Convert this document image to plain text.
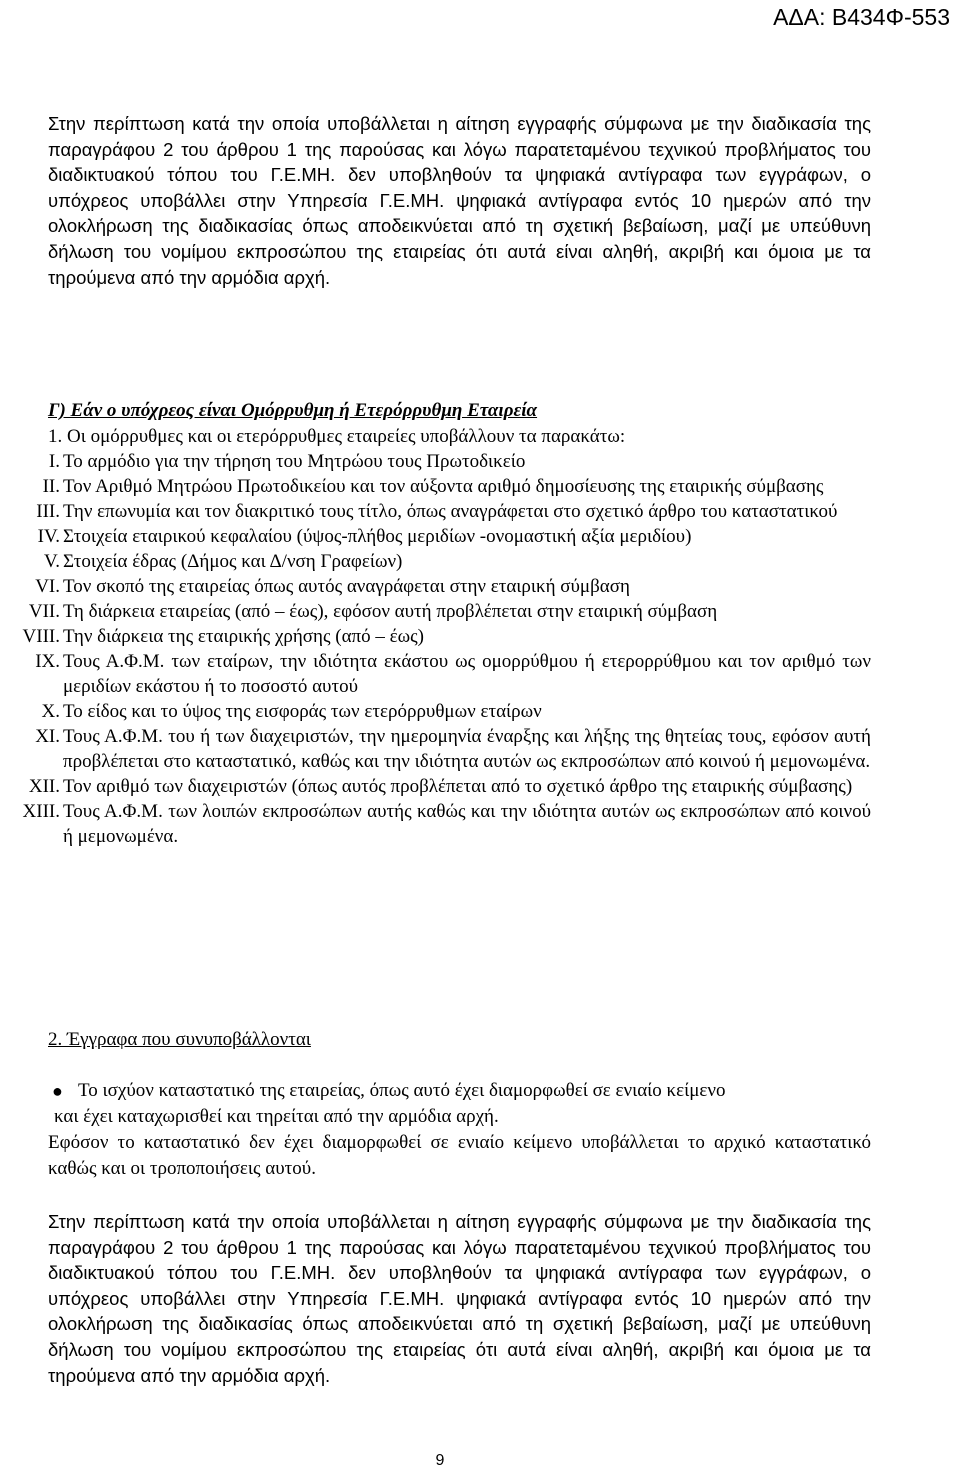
ΑΔΑ: Β434Φ-553

Στην περίπτωση κατά την οποία υποβάλλεται η αίτηση εγγραφής σύμφωνα με την διαδικασία της παραγράφου 2 του άρθρου 1 της παρούσας και λόγω παρατεταμένου τεχνικού προβλήματος του διαδικτυακού τόπου του Γ.Ε.ΜΗ. δεν υποβληθούν τα ψηφιακά αντίγραφα των εγγράφων, ο υπόχρεος υποβάλλει στην Υπηρεσία Γ.Ε.ΜΗ. ψηφιακά αντίγραφα εντός 10 ημερών από την ολοκλήρωση της διαδικασίας όπως αποδεικνύεται από τη σχετική βεβαίωση, μαζί με υπεύθυνη δήλωση του νομίμου εκπροσώπου της εταιρείας ότι αυτά είναι αληθή, ακριβή και όμοια με τα τηρούμενα από την αρμόδια αρχή.

Γ) Εάν ο υπόχρεος είναι Ομόρρυθμη ή Ετερόρρυθμη Εταιρεία

1. Οι ομόρρυθμες και οι ετερόρρυθμες εταιρείες υποβάλλουν τα παρακάτω:

I. Το αρμόδιο για την τήρηση του Μητρώου τους Πρωτοδικείο
II. Τον Αριθμό Μητρώου Πρωτοδικείου και τον αύξοντα αριθμό δημοσίευσης της εταιρικής σύμβασης
III. Την επωνυμία και τον διακριτικό τους τίτλο, όπως αναγράφεται στο σχετικό άρθρο του καταστατικού
IV. Στοιχεία εταιρικού κεφαλαίου (ύψος-πλήθος μεριδίων -ονομαστική αξία μεριδίου)
V. Στοιχεία έδρας (Δήμος και Δ/νση Γραφείων)
VI. Τον σκοπό της εταιρείας όπως αυτός αναγράφεται στην εταιρική σύμβαση
VII. Τη διάρκεια εταιρείας (από – έως), εφόσον αυτή προβλέπεται στην εταιρική σύμβαση
VIII. Την διάρκεια της εταιρικής χρήσης (από – έως)
IX. Τους Α.Φ.Μ. των εταίρων, την ιδιότητα εκάστου ως ομορρύθμου ή ετερορρύθμου και τον αριθμό των μεριδίων εκάστου ή το ποσοστό αυτού
X. Το είδος και το ύψος της εισφοράς των ετερόρρυθμων εταίρων
XI. Τους Α.Φ.Μ. του ή των διαχειριστών, την ημερομηνία έναρξης και λήξης της θητείας τους, εφόσον αυτή προβλέπεται στο καταστατικό, καθώς και την ιδιότητα αυτών ως εκπροσώπων από κοινού ή μεμονωμένα.
XII. Τον αριθμό των διαχειριστών (όπως αυτός προβλέπεται από το σχετικό άρθρο της εταιρικής σύμβασης)
XIII. Τους Α.Φ.Μ. των λοιπών εκπροσώπων αυτής καθώς και την ιδιότητα αυτών ως εκπροσώπων από κοινού ή μεμονωμένα.

2. Έγγραφα που συνυποβάλλονται

● Το ισχύον καταστατικό της εταιρείας, όπως αυτό έχει διαμορφωθεί σε ενιαίο κείμενο
και έχει καταχωρισθεί και τηρείται από την αρμόδια αρχή.

Εφόσον το καταστατικό δεν έχει διαμορφωθεί σε ενιαίο κείμενο υποβάλλεται το αρχικό καταστατικό καθώς και οι τροποποιήσεις αυτού.

Στην περίπτωση κατά την οποία υποβάλλεται η αίτηση εγγραφής σύμφωνα με την διαδικασία της παραγράφου 2 του άρθρου 1 της παρούσας και λόγω παρατεταμένου τεχνικού προβλήματος του διαδικτυακού τόπου του Γ.Ε.ΜΗ. δεν υποβληθούν τα ψηφιακά αντίγραφα των εγγράφων, ο υπόχρεος υποβάλλει στην Υπηρεσία Γ.Ε.ΜΗ. ψηφιακά αντίγραφα εντός 10 ημερών από την ολοκλήρωση της διαδικασίας όπως αποδεικνύεται από τη σχετική βεβαίωση, μαζί με υπεύθυνη δήλωση του νομίμου εκπροσώπου της εταιρείας ότι αυτά είναι αληθή, ακριβή και όμοια με τα τηρούμενα από την αρμόδια αρχή.

9
